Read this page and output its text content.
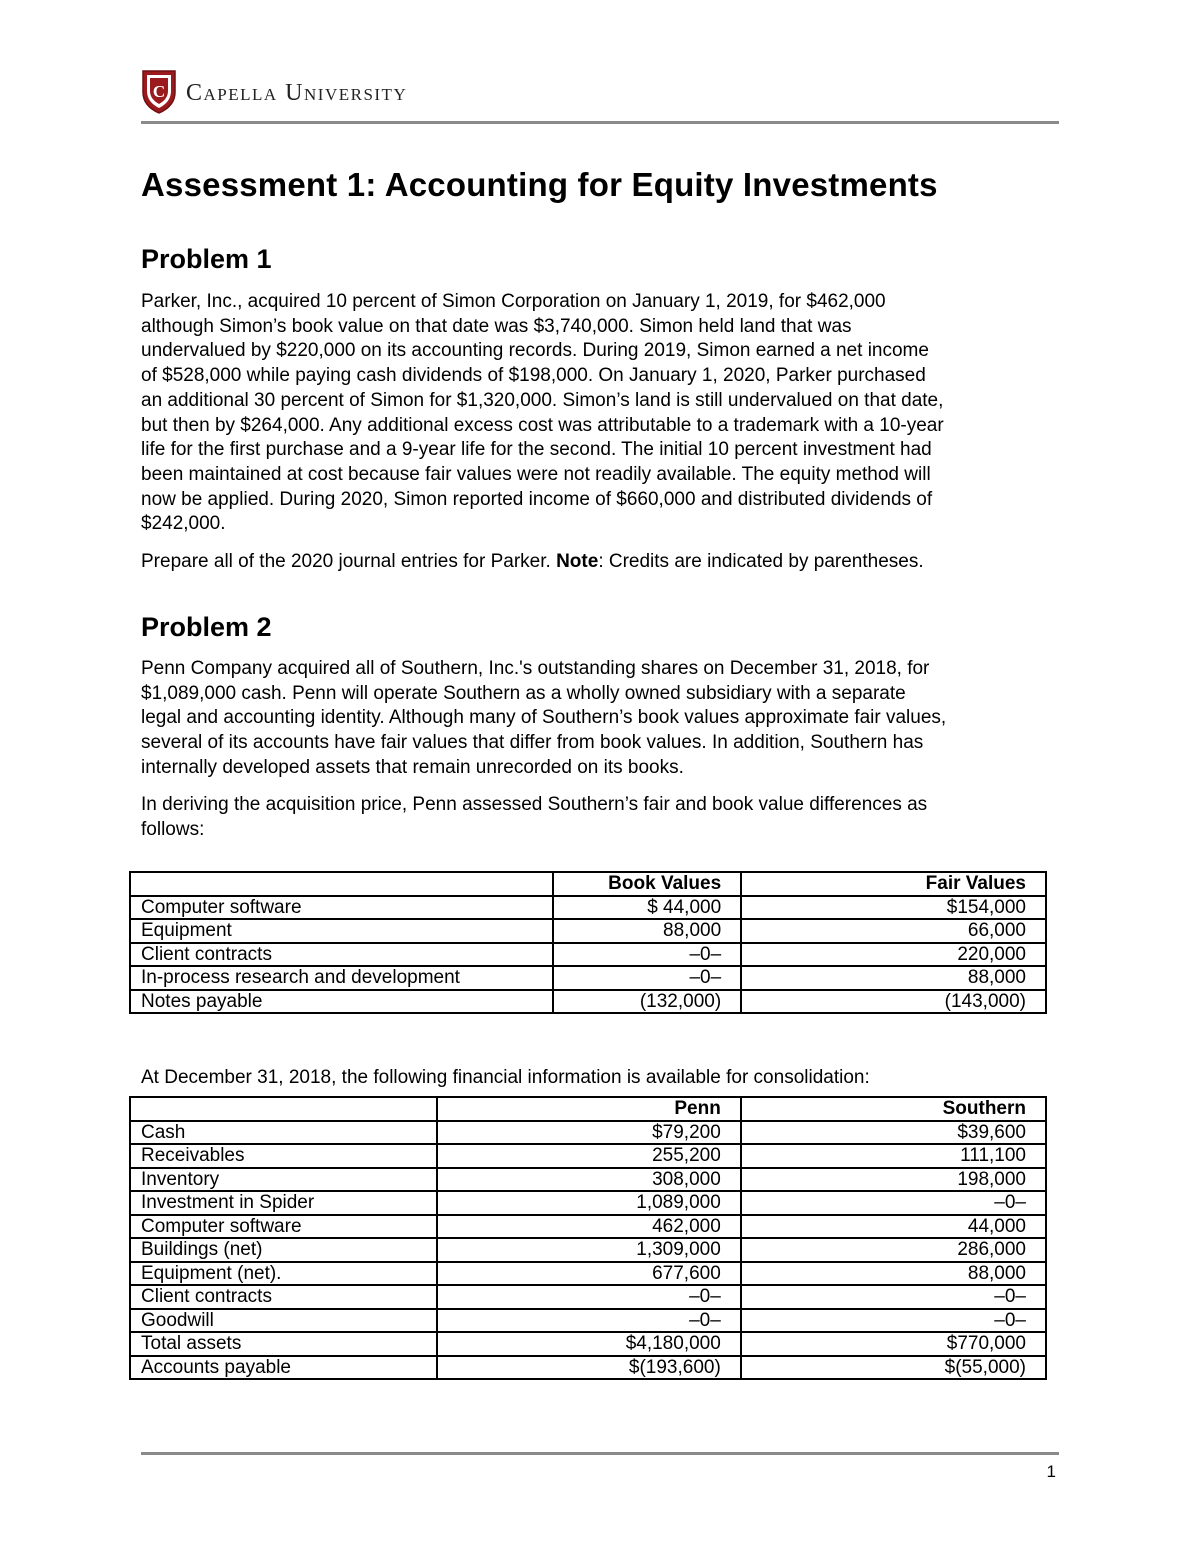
C Capella University
Assessment 1: Accounting for Equity Investments
Problem 1

Parker, Inc., acquired 10 percent of Simon Corporation on January 1, 2019, for $462,000

although Simon’s book value on that date was $3,740,000. Simon held land that was

undervalued by $220,000 on its accounting records. During 2019, Simon earned a net income

of $528,000 while paying cash dividends of $198,000. On January 1, 2020, Parker purchased

an additional 30 percent of Simon for $1,320,000. Simon’s land is still undervalued on that date,

but then by $264,000. Any additional excess cost was attributable to a trademark with a 10-year

life for the first purchase and a 9-year life for the second. The initial 10 percent investment had

been maintained at cost because fair values were not readily available. The equity method will

now be applied. During 2020, Simon reported income of $660,000 and distributed dividends of

$242,000.

Prepare all of the 2020 journal entries for Parker. Note: Credits are indicated by parentheses.

Problem 2

Penn Company acquired all of Southern, Inc.'s outstanding shares on December 31, 2018, for

$1,089,000 cash. Penn will operate Southern as a wholly owned subsidiary with a separate

legal and accounting identity. Although many of Southern’s book values approximate fair values,

several of its accounts have fair values that differ from book values. In addition, Southern has

internally developed assets that remain unrecorded on its books.

In deriving the acquisition price, Penn assessed Southern’s fair and book value differences as

follows:

	Book Values	Fair Values
Computer software	$ 44,000	$154,000
Equipment	88,000	66,000
Client contracts	–0–	220,000
In-process research and development	–0–	88,000
Notes payable	(132,000)	(143,000)

At December 31, 2018, the following financial information is available for consolidation:

	Penn	Southern
Cash	$79,200	$39,600
Receivables	255,200	111,100
Inventory	308,000	198,000
Investment in Spider	1,089,000	–0–
Computer software	462,000	44,000
Buildings (net)	1,309,000	286,000
Equipment (net).	677,600	88,000
Client contracts	–0–	–0–
Goodwill	–0–	–0–
Total assets	$4,180,000	$770,000
Accounts payable	$(193,600)	$(55,000)
1
